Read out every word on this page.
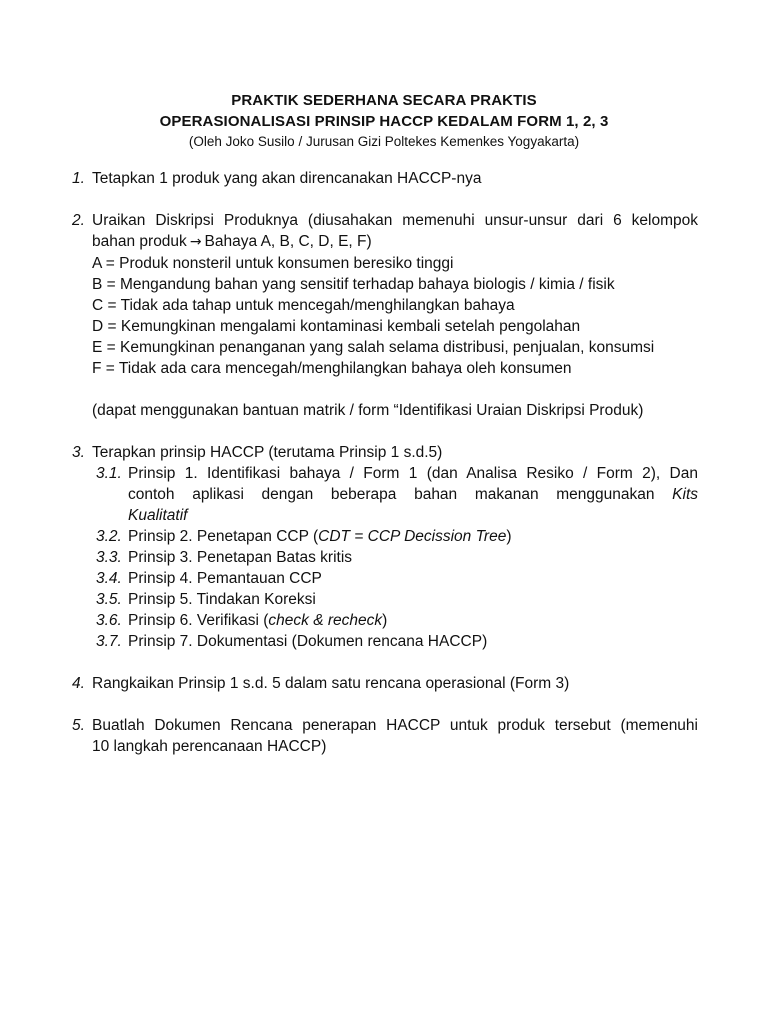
PRAKTIK SEDERHANA SECARA PRAKTIS
OPERASIONALISASI PRINSIP HACCP KEDALAM FORM 1, 2, 3
(Oleh Joko Susilo / Jurusan Gizi Poltekes Kemenkes Yogyakarta)
1. Tetapkan 1 produk yang akan direncanakan HACCP-nya
2. Uraikan Diskripsi Produknya (diusahakan memenuhi unsur-unsur dari 6 kelompok
bahan produk → Bahaya A, B, C, D, E, F)
A = Produk nonsteril untuk konsumen beresiko tinggi
B = Mengandung bahan yang sensitif terhadap bahaya biologis / kimia / fisik
C = Tidak ada tahap untuk mencegah/menghilangkan bahaya
D = Kemungkinan mengalami kontaminasi kembali setelah pengolahan
E = Kemungkinan penanganan yang salah selama distribusi, penjualan, konsumsi
F = Tidak ada cara mencegah/menghilangkan bahaya oleh konsumen

(dapat menggunakan bantuan matrik / form “Identifikasi Uraian Diskripsi Produk)
3. Terapkan prinsip HACCP (terutama Prinsip 1 s.d.5)
3.1. Prinsip 1. Identifikasi bahaya / Form 1 (dan Analisa Resiko / Form 2), Dan
contoh aplikasi dengan beberapa bahan makanan menggunakan Kits
Kualitatif
3.2. Prinsip 2. Penetapan CCP (CDT = CCP Decission Tree)
3.3. Prinsip 3. Penetapan Batas kritis
3.4. Prinsip 4. Pemantauan CCP
3.5. Prinsip 5. Tindakan Koreksi
3.6. Prinsip 6. Verifikasi (check & recheck)
3.7. Prinsip 7. Dokumentasi (Dokumen rencana HACCP)
4. Rangkaikan Prinsip 1 s.d. 5 dalam satu rencana operasional (Form 3)
5. Buatlah Dokumen Rencana penerapan HACCP untuk produk tersebut (memenuhi
10 langkah perencanaan HACCP)
